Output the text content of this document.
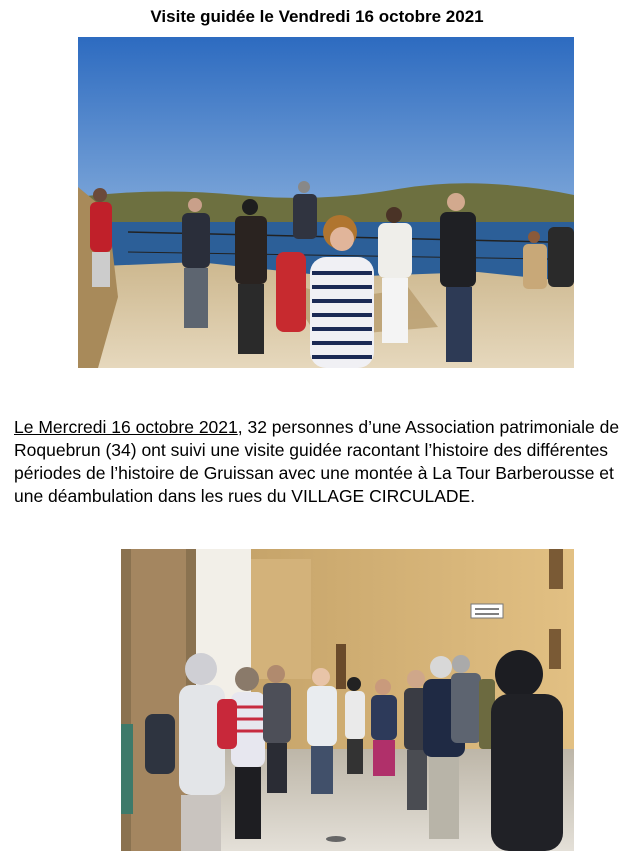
Visite guidée le Vendredi 16 octobre 2021

Le Mercredi 16 octobre 2021, 32 personnes d’une Association patrimoniale de Roquebrun (34) ont suivi une visite guidée racontant l’histoire des différentes périodes de l’histoire de Gruissan avec une montée à La Tour Barberousse et une déambulation dans les rues du VILLAGE CIRCULADE.
